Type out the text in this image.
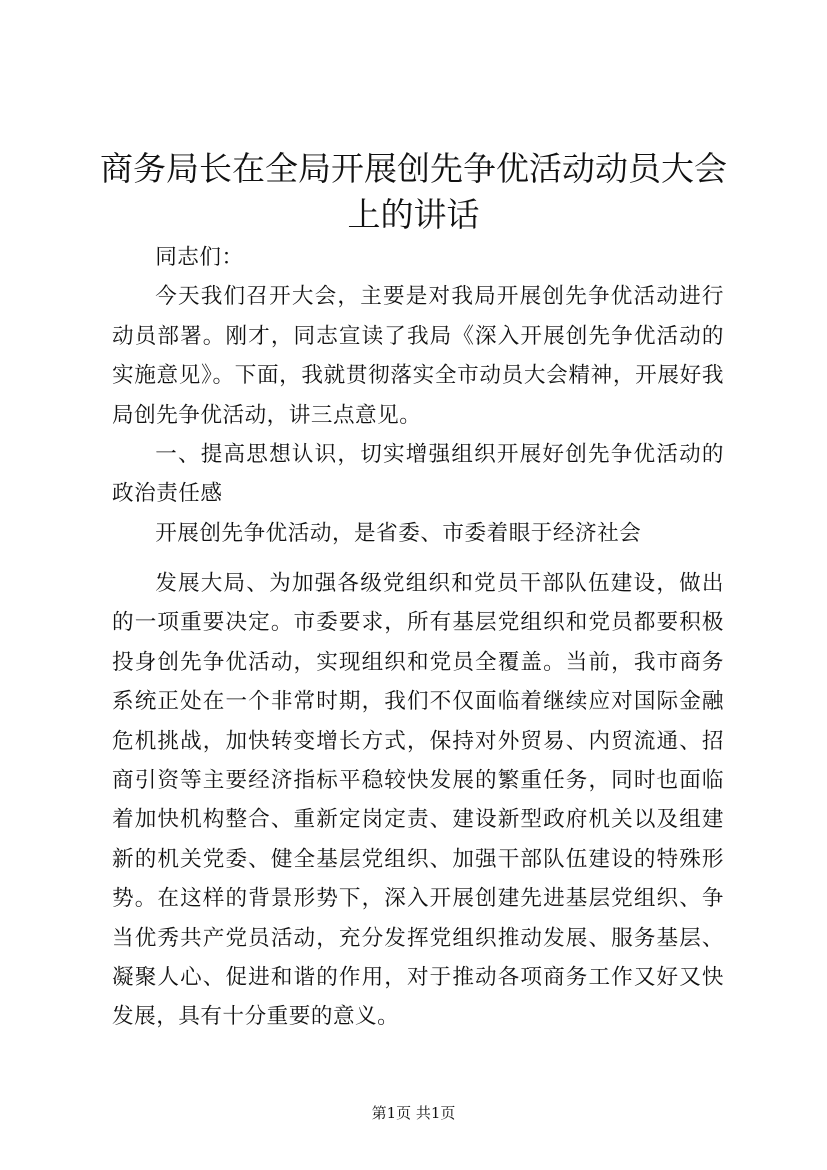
商务局长在全局开展创先争优活动动员大会上的讲话

同志们：

今天我们召开大会，主要是对我局开展创先争优活动进行动员部署。刚才，同志宣读了我局《深入开展创先争优活动的实施意见》。下面，我就贯彻落实全市动员大会精神，开展好我局创先争优活动，讲三点意见。

一、提高思想认识，切实增强组织开展好创先争优活动的政治责任感

开展创先争优活动，是省委、市委着眼于经济社会

发展大局、为加强各级党组织和党员干部队伍建设，做出的一项重要决定。市委要求，所有基层党组织和党员都要积极投身创先争优活动，实现组织和党员全覆盖。当前，我市商务系统正处在一个非常时期，我们不仅面临着继续应对国际金融危机挑战，加快转变增长方式，保持对外贸易、内贸流通、招商引资等主要经济指标平稳较快发展的繁重任务，同时也面临着加快机构整合、重新定岗定责、建设新型政府机关以及组建新的机关党委、健全基层党组织、加强干部队伍建设的特殊形势。在这样的背景形势下，深入开展创建先进基层党组织、争当优秀共产党员活动，充分发挥党组织推动发展、服务基层、凝聚人心、促进和谐的作用，对于推动各项商务工作又好又快发展，具有十分重要的意义。

第1页 共1页
